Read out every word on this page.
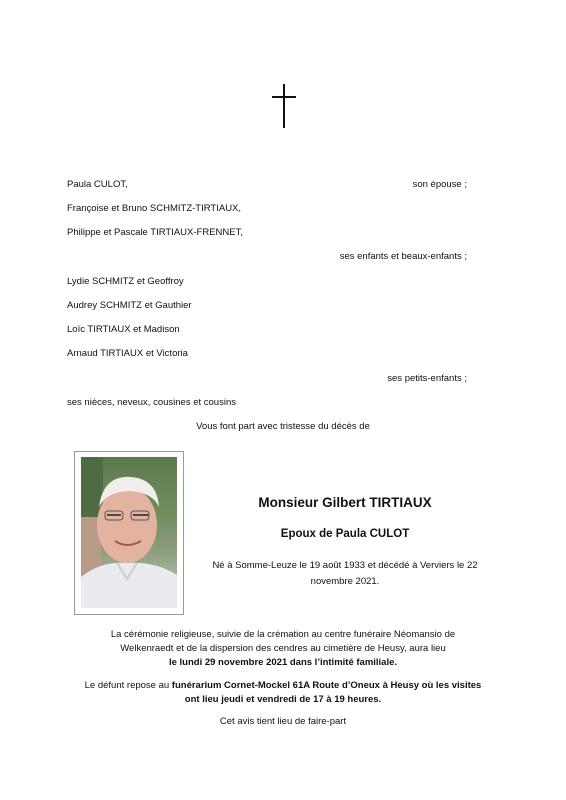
Paula CULOT,	son épouse ;
Françoise et Bruno SCHMITZ-TIRTIAUX,
Philippe et Pascale TIRTIAUX-FRENNET,
ses enfants et beaux-enfants ;
Lydie SCHMITZ et Geoffroy
Audrey SCHMITZ et Gauthier
Loïc TIRTIAUX et Madison
Arnaud TIRTIAUX et Victoria
ses petits-enfants ;
ses nièces, neveux, cousines et cousins
Vous font part avec tristesse du décès de
Monsieur Gilbert TIRTIAUX
Epoux de Paula CULOT
Né à Somme-Leuze le 19 août 1933 et décédé à Verviers le 22
novembre 2021.
La cérémonie religieuse, suivie de la crémation au centre funéraire Néomansio de
Welkenraedt et de la dispersion des cendres au cimetière de Heusy, aura lieu
le lundi 29 novembre 2021 dans l’intimité familiale.
Le défunt repose au funérarium Cornet-Mockel 61A Route d’Oneux à Heusy où les visites
ont lieu jeudi et vendredi de 17 à 19 heures.
Cet avis tient lieu de faire-part
